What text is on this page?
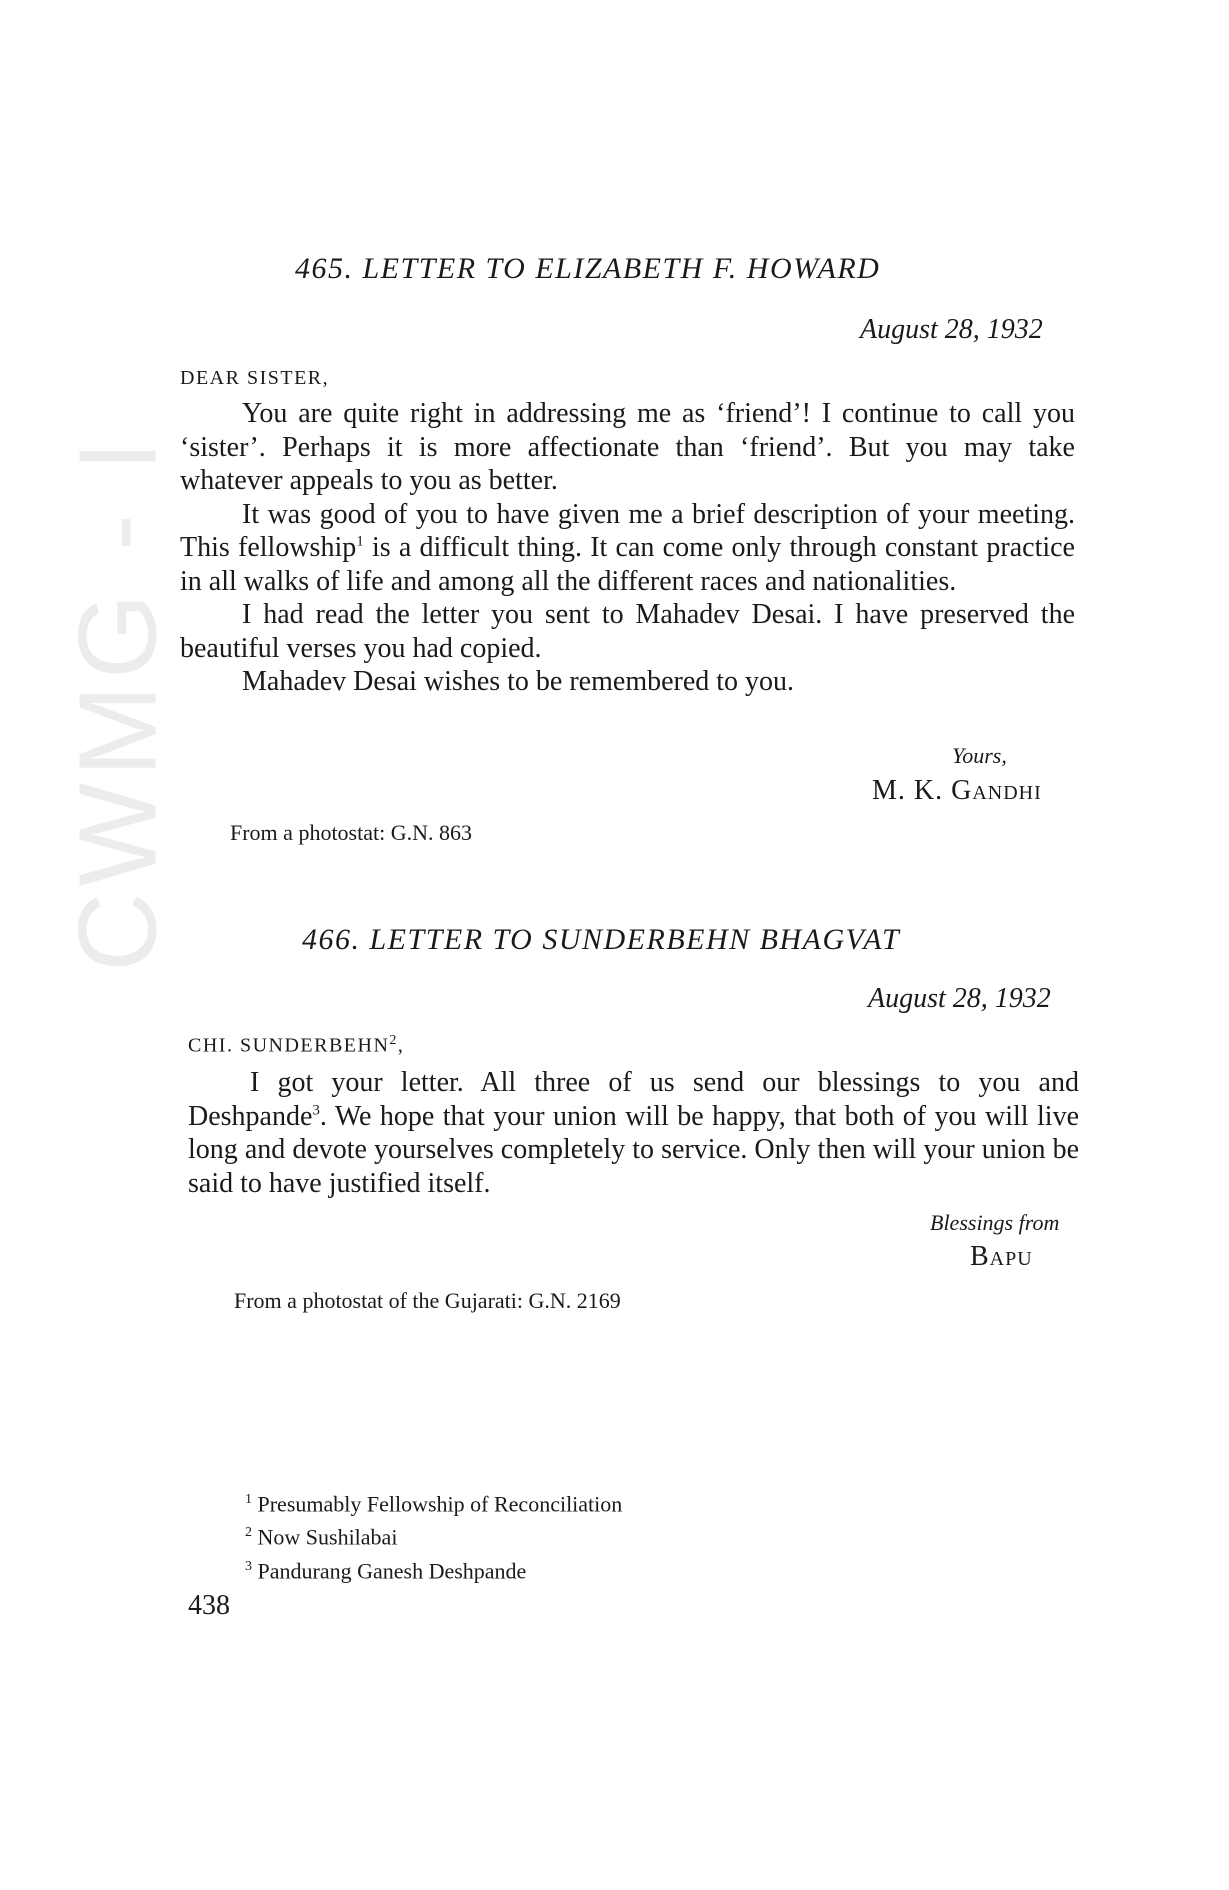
CWMG - I
465. LETTER TO ELIZABETH F. HOWARD
August 28, 1932
DEAR SISTER,

You are quite right in addressing me as ‘friend’! I continue to call you ‘sister’. Perhaps it is more affectionate than ‘friend’. But you may take whatever appeals to you as better.

It was good of you to have given me a brief description of your meeting. This fellowship$^1$ is a difficult thing. It can come only through constant practice in all walks of life and among all the different races and nationalities.

I had read the letter you sent to Mahadev Desai. I have preserved the beautiful verses you had copied.

Mahadev Desai wishes to be remembered to you.

Yours,
M. K. Gandhi
From a photostat: G.N. 863
466. LETTER TO SUNDERBEHN BHAGVAT
August 28, 1932
CHI. SUNDERBEHN$^2$,

I got your letter. All three of us send our blessings to you and Deshpande$^3$. We hope that your union will be happy, that both of you will live long and devote yourselves completely to service. Only then will your union be said to have justified itself.

Blessings from
Bapu
From a photostat of the Gujarati: G.N. 2169
$^1$ Presumably Fellowship of Reconciliation
$^2$ Now Sushilabai
$^3$ Pandurang Ganesh Deshpande
438
